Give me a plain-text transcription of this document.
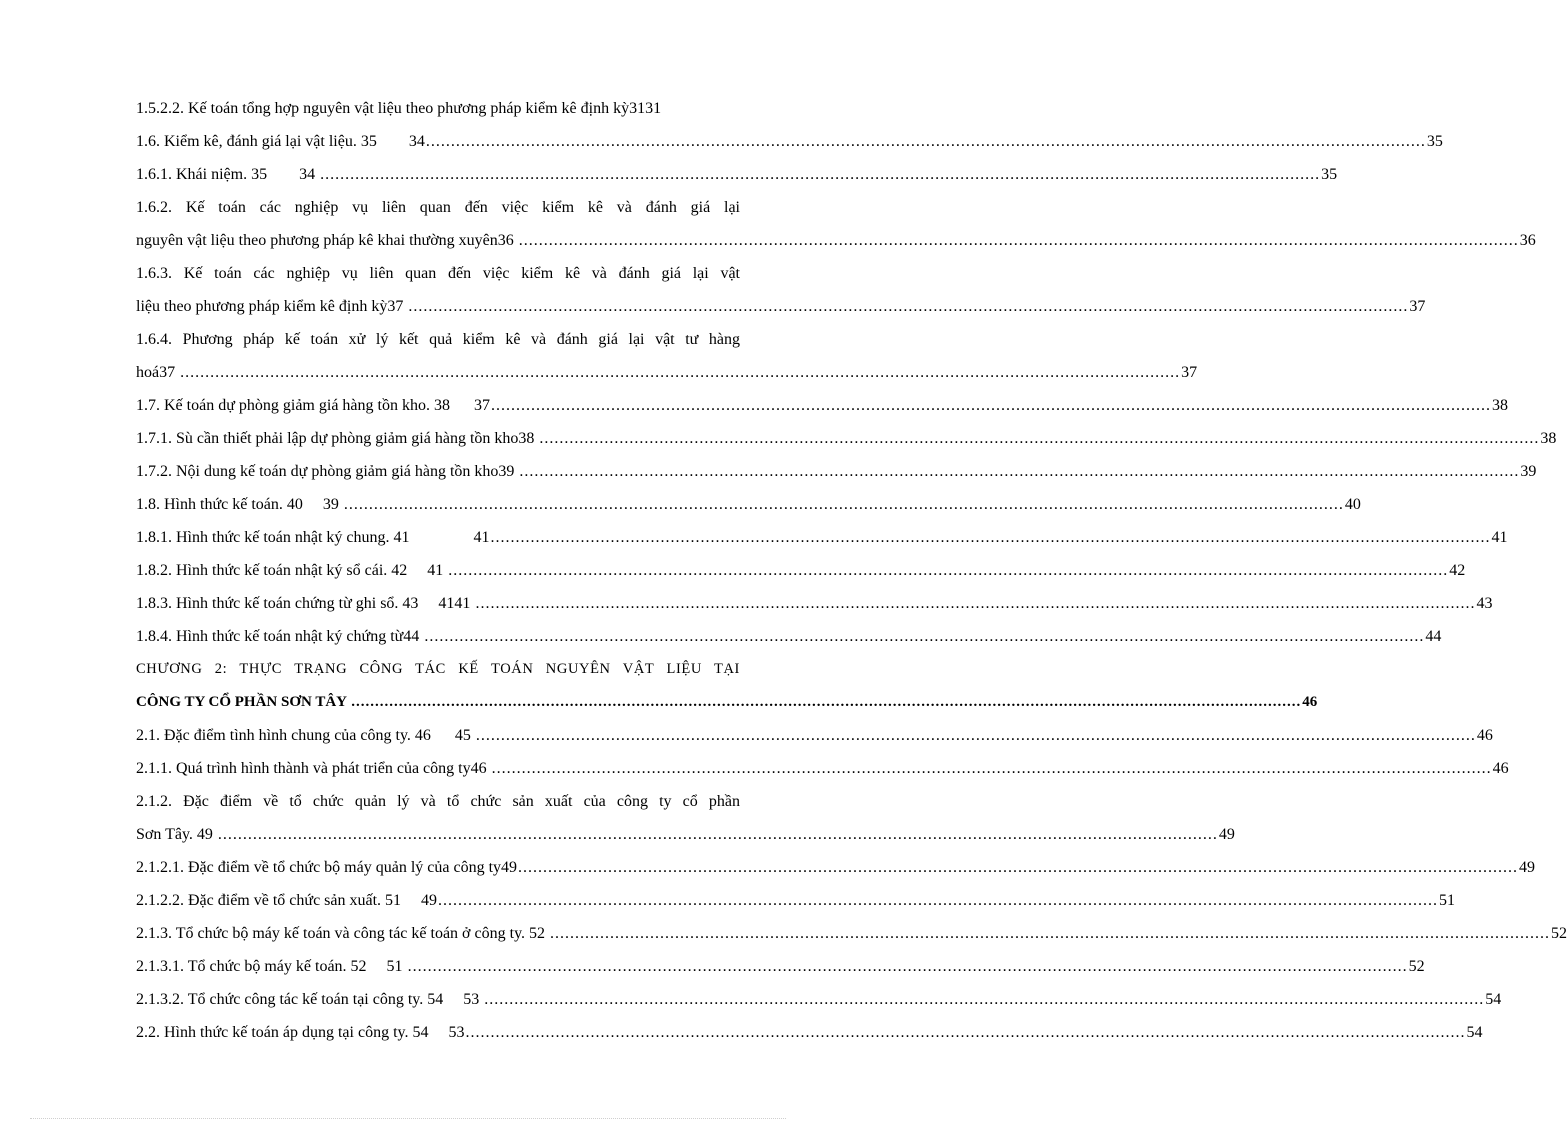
1.5.2.2. Kế toán tổng hợp nguyên vật liệu theo phương pháp kiểm kê định kỳ3131
1.6. Kiểm kê, đánh giá lại vật liệu. 35        34 ........................................................................................................................................................................................................ 35
1.6.1. Khái niệm. 35        34 ........................................................................................................................................................................................................ 35
1.6.2. Kế toán các nghiệp vụ liên quan đến việc kiểm kê và đánh giá lại
nguyên vật liệu theo phương pháp kê khai thường xuyên36 ........................................................................................................................................................................................................ 36
1.6.3. Kế toán các nghiệp vụ liên quan đến việc kiểm kê và đánh giá lại vật
liệu theo phương pháp kiểm kê định kỳ37 ........................................................................................................................................................................................................ 37
1.6.4. Phương pháp kế toán xử lý kết quả kiểm kê và đánh giá lại vật tư hàng
hoá37 ........................................................................................................................................................................................................ 37
1.7. Kế toán dự phòng giảm giá hàng tồn kho. 38      37 ........................................................................................................................................................................................................ 38
1.7.1. Sù cần thiết phải lập dự phòng giảm giá hàng tồn kho38 ........................................................................................................................................................................................................ 38
1.7.2. Nội dung kế toán dự phòng giảm giá hàng tồn kho39 ........................................................................................................................................................................................................ 39
1.8. Hình thức kế toán. 40     39 ........................................................................................................................................................................................................ 40
1.8.1. Hình thức kế toán nhật ký chung. 41                41 ........................................................................................................................................................................................................ 41
1.8.2. Hình thức kế toán nhật ký sổ cái. 42     41 ........................................................................................................................................................................................................ 42
1.8.3. Hình thức kế toán chứng từ ghi sổ. 43     4141 ........................................................................................................................................................................................................ 43
1.8.4. Hình thức kế toán nhật ký chứng từ44 ........................................................................................................................................................................................................ 44
CHƯƠNG 2: THỰC TRẠNG CÔNG TÁC KẾ TOÁN NGUYÊN VẬT LIỆU TẠI
CÔNG TY CỔ PHẦN SƠN TÂY ........................................................................................................................................................................................................ 46
2.1. Đặc điểm tình hình chung của công ty. 46      45 ........................................................................................................................................................................................................ 46
2.1.1. Quá trình hình thành và phát triển của công ty46 ........................................................................................................................................................................................................ 46
2.1.2. Đặc điểm về tổ chức quản lý và tổ chức sản xuất của công ty cổ phần
Sơn Tây. 49 ........................................................................................................................................................................................................ 49
2.1.2.1. Đặc điểm về tổ chức bộ máy quản lý của công ty49 ........................................................................................................................................................................................................ 49
2.1.2.2. Đặc điểm về tổ chức sản xuất. 51     49 ........................................................................................................................................................................................................ 51
2.1.3. Tổ chức bộ máy kế toán và công tác kế toán ở công ty. 52 ........................................................................................................................................................................................................ 52
2.1.3.1. Tổ chức bộ máy kế toán. 52     51 ........................................................................................................................................................................................................ 52
2.1.3.2. Tổ chức công tác kế toán tại công ty. 54     53 ........................................................................................................................................................................................................ 54
2.2. Hình thức kế toán áp dụng tại công ty. 54     53 ........................................................................................................................................................................................................ 54
